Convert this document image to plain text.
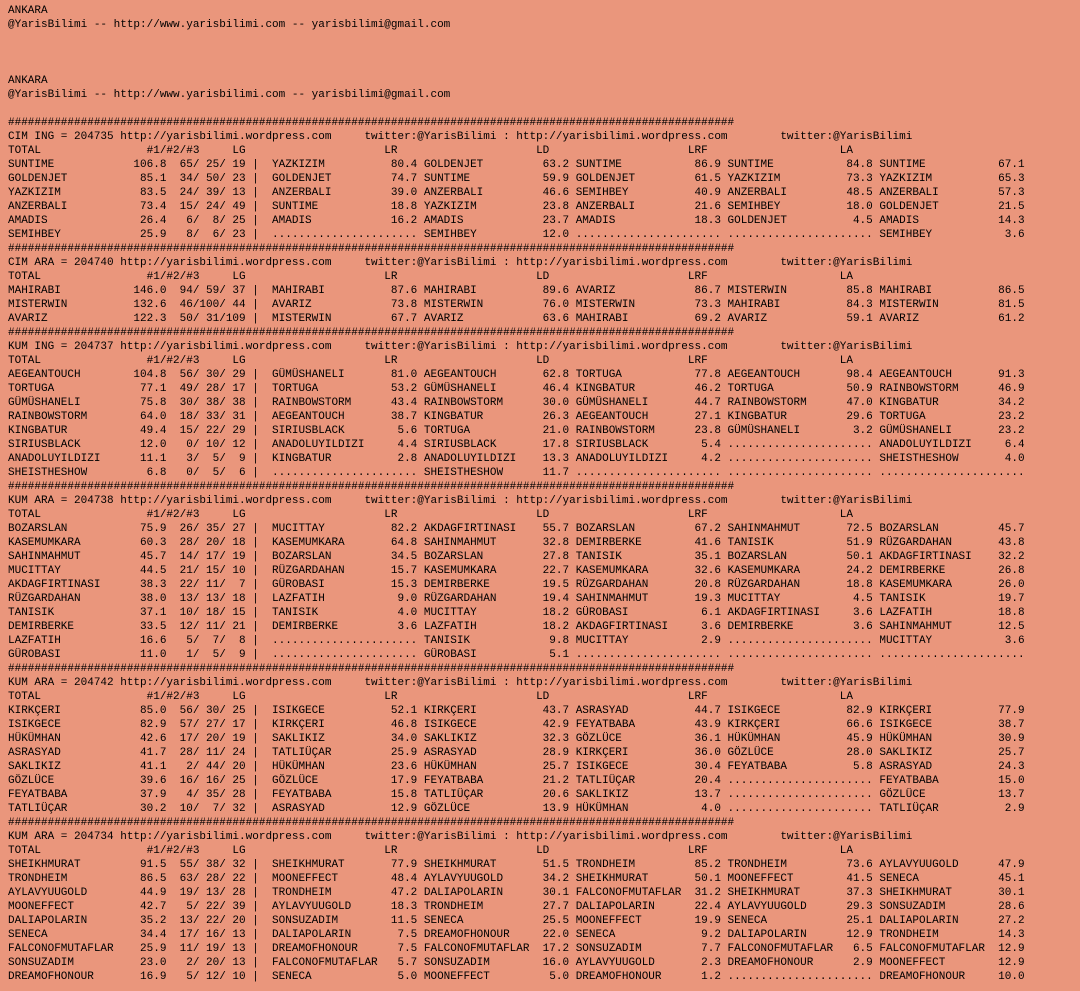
ANKARA
@YarisBilimi -- http://www.yarisbilimi.com -- yarisbilimi@gmail.com
ANKARA
@YarisBilimi -- http://www.yarisbilimi.com -- yarisbilimi@gmail.com
##############################################################################################################
CIM ING = 204735 http://yarisbilimi.wordpress.com     twitter:@YarisBilimi : http://yarisbilimi.wordpress.com        twitter:@YarisBilimi
TOTAL                #1/#2/#3     LG                     LR                     LD                     LRF                    LA
SUNTIME            106.8  65/ 25/ 19 |  YAZKIZIM          80.4 GOLDENJET         63.2 SUNTIME           86.9 SUNTIME           84.8 SUNTIME           67.1
GOLDENJET           85.1  34/ 50/ 23 |  GOLDENJET         74.7 SUNTIME           59.9 GOLDENJET         61.5 YAZKIZIM          73.3 YAZKIZIM          65.3
YAZKIZIM            83.5  24/ 39/ 13 |  ANZERBALI         39.0 ANZERBALI         46.6 SEMIHBEY          40.9 ANZERBALI         48.5 ANZERBALI         57.3
ANZERBALI           73.4  15/ 24/ 49 |  SUNTIME           18.8 YAZKIZIM          23.8 ANZERBALI         21.6 SEMIHBEY          18.0 GOLDENJET         21.5
AMADIS              26.4   6/  8/ 25 |  AMADIS            16.2 AMADIS            23.7 AMADIS            18.3 GOLDENJET          4.5 AMADIS            14.3
SEMIHBEY            25.9   8/  6/ 23 |  ...................... SEMIHBEY          12.0 ...................... ...................... SEMIHBEY           3.6
##############################################################################################################
CIM ARA = 204740 http://yarisbilimi.wordpress.com     twitter:@YarisBilimi : http://yarisbilimi.wordpress.com        twitter:@YarisBilimi
TOTAL                #1/#2/#3     LG                     LR                     LD                     LRF                    LA
MAHIRABI           146.0  94/ 59/ 37 |  MAHIRABI          87.6 MAHIRABI          89.6 AVARIZ            86.7 MISTERWIN         85.8 MAHIRABI          86.5
MISTERWIN          132.6  46/100/ 44 |  AVARIZ            73.8 MISTERWIN         76.0 MISTERWIN         73.3 MAHIRABI          84.3 MISTERWIN         81.5
AVARIZ             122.3  50/ 31/109 |  MISTERWIN         67.7 AVARIZ            63.6 MAHIRABI          69.2 AVARIZ            59.1 AVARIZ            61.2
##############################################################################################################
KUM ING = 204737 http://yarisbilimi.wordpress.com     twitter:@YarisBilimi : http://yarisbilimi.wordpress.com        twitter:@YarisBilimi
TOTAL                #1/#2/#3     LG                     LR                     LD                     LRF                    LA
AEGEANTOUCH        104.8  56/ 30/ 29 |  GÜMÜSHANELI       81.0 AEGEANTOUCH       62.8 TORTUGA           77.8 AEGEANTOUCH       98.4 AEGEANTOUCH       91.3
TORTUGA             77.1  49/ 28/ 17 |  TORTUGA           53.2 GÜMÜSHANELI       46.4 KINGBATUR         46.2 TORTUGA           50.9 RAINBOWSTORM      46.9
GÜMÜSHANELI         75.8  30/ 38/ 38 |  RAINBOWSTORM      43.4 RAINBOWSTORM      30.0 GÜMÜSHANELI       44.7 RAINBOWSTORM      47.0 KINGBATUR         34.2
RAINBOWSTORM        64.0  18/ 33/ 31 |  AEGEANTOUCH       38.7 KINGBATUR         26.3 AEGEANTOUCH       27.1 KINGBATUR         29.6 TORTUGA           23.2
KINGBATUR           49.4  15/ 22/ 29 |  SIRIUSBLACK        5.6 TORTUGA           21.0 RAINBOWSTORM      23.8 GÜMÜSHANELI        3.2 GÜMÜSHANELI       23.2
SIRIUSBLACK         12.0   0/ 10/ 12 |  ANADOLUYILDIZI     4.4 SIRIUSBLACK       17.8 SIRIUSBLACK        5.4 ...................... ANADOLUYILDIZI     6.4
ANADOLUYILDIZI      11.1   3/  5/  9 |  KINGBATUR          2.8 ANADOLUYILDIZI    13.3 ANADOLUYILDIZI     4.2 ...................... SHEISTHESHOW       4.0
SHEISTHESHOW         6.8   0/  5/  6 |  ...................... SHEISTHESHOW      11.7 ...................... ...................... ......................
##############################################################################################################
KUM ARA = 204738 http://yarisbilimi.wordpress.com     twitter:@YarisBilimi : http://yarisbilimi.wordpress.com        twitter:@YarisBilimi
TOTAL                #1/#2/#3     LG                     LR                     LD                     LRF                    LA
BOZARSLAN           75.9  26/ 35/ 27 |  MUCITTAY          82.2 AKDAGFIRTINASI    55.7 BOZARSLAN         67.2 SAHINMAHMUT       72.5 BOZARSLAN         45.7
KASEMUMKARA         60.3  28/ 20/ 18 |  KASEMUMKARA       64.8 SAHINMAHMUT       32.8 DEMIRBERKE        41.6 TANISIK           51.9 RÜZGARDAHAN       43.8
SAHINMAHMUT         45.7  14/ 17/ 19 |  BOZARSLAN         34.5 BOZARSLAN         27.8 TANISIK           35.1 BOZARSLAN         50.1 AKDAGFIRTINASI    32.2
MUCITTAY            44.5  21/ 15/ 10 |  RÜZGARDAHAN       15.7 KASEMUMKARA       22.7 KASEMUMKARA       32.6 KASEMUMKARA       24.2 DEMIRBERKE        26.8
AKDAGFIRTINASI      38.3  22/ 11/  7 |  GÜROBASI          15.3 DEMIRBERKE        19.5 RÜZGARDAHAN       20.8 RÜZGARDAHAN       18.8 KASEMUMKARA       26.0
RÜZGARDAHAN         38.0  13/ 13/ 18 |  LAZFATIH           9.0 RÜZGARDAHAN       19.4 SAHINMAHMUT       19.3 MUCITTAY           4.5 TANISIK           19.7
TANISIK             37.1  10/ 18/ 15 |  TANISIK            4.0 MUCITTAY          18.2 GÜROBASI           6.1 AKDAGFIRTINASI     3.6 LAZFATIH          18.8
DEMIRBERKE          33.5  12/ 11/ 21 |  DEMIRBERKE         3.6 LAZFATIH          18.2 AKDAGFIRTINASI     3.6 DEMIRBERKE         3.6 SAHINMAHMUT       12.5
LAZFATIH            16.6   5/  7/  8 |  ...................... TANISIK            9.8 MUCITTAY           2.9 ...................... MUCITTAY           3.6
GÜROBASI            11.0   1/  5/  9 |  ...................... GÜROBASI           5.1 ...................... ...................... ......................
##############################################################################################################
KUM ARA = 204742 http://yarisbilimi.wordpress.com     twitter:@YarisBilimi : http://yarisbilimi.wordpress.com        twitter:@YarisBilimi
TOTAL                #1/#2/#3     LG                     LR                     LD                     LRF                    LA
KIRKÇERI            85.0  56/ 30/ 25 |  ISIKGECE          52.1 KIRKÇERI          43.7 ASRASYAD          44.7 ISIKGECE          82.9 KIRKÇERI          77.9
ISIKGECE            82.9  57/ 27/ 17 |  KIRKÇERI          46.8 ISIKGECE          42.9 FEYATBABA         43.9 KIRKÇERI          66.6 ISIKGECE          38.7
HÜKÜMHAN            42.6  17/ 20/ 19 |  SAKLIKIZ          34.0 SAKLIKIZ          32.3 GÖZLÜCE           36.1 HÜKÜMHAN          45.9 HÜKÜMHAN          30.9
ASRASYAD            41.7  28/ 11/ 24 |  TATLIÜÇAR         25.9 ASRASYAD          28.9 KIRKÇERI          36.0 GÖZLÜCE           28.0 SAKLIKIZ          25.7
SAKLIKIZ            41.1   2/ 44/ 20 |  HÜKÜMHAN          23.6 HÜKÜMHAN          25.7 ISIKGECE          30.4 FEYATBABA          5.8 ASRASYAD          24.3
GÖZLÜCE             39.6  16/ 16/ 25 |  GÖZLÜCE           17.9 FEYATBABA         21.2 TATLIÜÇAR         20.4 ...................... FEYATBABA         15.0
FEYATBABA           37.9   4/ 35/ 28 |  FEYATBABA         15.8 TATLIÜÇAR         20.6 SAKLIKIZ          13.7 ...................... GÖZLÜCE           13.7
TATLIÜÇAR           30.2  10/  7/ 32 |  ASRASYAD          12.9 GÖZLÜCE           13.9 HÜKÜMHAN           4.0 ...................... TATLIÜÇAR          2.9
##############################################################################################################
KUM ARA = 204734 http://yarisbilimi.wordpress.com     twitter:@YarisBilimi : http://yarisbilimi.wordpress.com        twitter:@YarisBilimi
TOTAL                #1/#2/#3     LG                     LR                     LD                     LRF                    LA
SHEIKHMURAT         91.5  55/ 38/ 32 |  SHEIKHMURAT       77.9 SHEIKHMURAT       51.5 TRONDHEIM         85.2 TRONDHEIM         73.6 AYLAVYUUGOLD      47.9
TRONDHEIM           86.5  63/ 28/ 22 |  MOONEFFECT        48.4 AYLAVYUUGOLD      34.2 SHEIKHMURAT       50.1 MOONEFFECT        41.5 SENECA            45.1
AYLAVYUUGOLD        44.9  19/ 13/ 28 |  TRONDHEIM         47.2 DALIAPOLARIN      30.1 FALCONOFMUTAFLAR  31.2 SHEIKHMURAT       37.3 SHEIKHMURAT       30.1
MOONEFFECT          42.7   5/ 22/ 39 |  AYLAVYUUGOLD      18.3 TRONDHEIM         27.7 DALIAPOLARIN      22.4 AYLAVYUUGOLD      29.3 SONSUZADIM        28.6
DALIAPOLARIN        35.2  13/ 22/ 20 |  SONSUZADIM        11.5 SENECA            25.5 MOONEFFECT        19.9 SENECA            25.1 DALIAPOLARIN      27.2
SENECA              34.4  17/ 16/ 13 |  DALIAPOLARIN       7.5 DREAMOFHONOUR     22.0 SENECA             9.2 DALIAPOLARIN      12.9 TRONDHEIM         14.3
FALCONOFMUTAFLAR    25.9  11/ 19/ 13 |  DREAMOFHONOUR      7.5 FALCONOFMUTAFLAR  17.2 SONSUZADIM         7.7 FALCONOFMUTAFLAR   6.5 FALCONOFMUTAFLAR  12.9
SONSUZADIM          23.0   2/ 20/ 13 |  FALCONOFMUTAFLAR   5.7 SONSUZADIM        16.0 AYLAVYUUGOLD       2.3 DREAMOFHONOUR      2.9 MOONEFFECT        12.9
DREAMOFHONOUR       16.9   5/ 12/ 10 |  SENECA             5.0 MOONEFFECT         5.0 DREAMOFHONOUR      1.2 ...................... DREAMOFHONOUR     10.0
